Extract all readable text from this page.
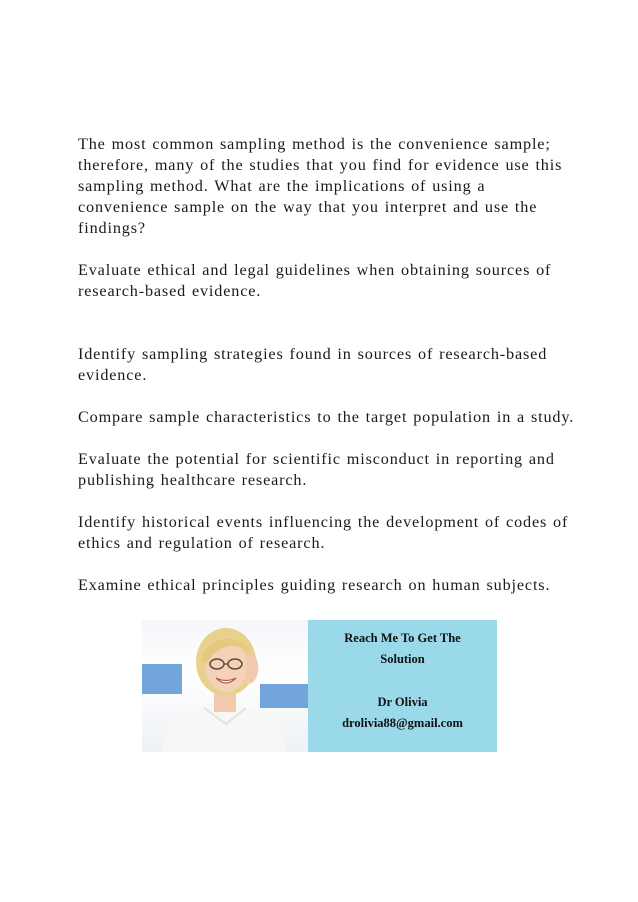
The most common sampling method is the convenience sample; therefore, many of the studies that you find for evidence use this sampling method. What are the implications of using a convenience sample on the way that you interpret and use the findings?

Evaluate ethical and legal guidelines when obtaining sources of research-based evidence.

Identify sampling strategies found in sources of research-based evidence.

Compare sample characteristics to the target population in a study.

Evaluate the potential for scientific misconduct in reporting and publishing healthcare research.

Identify historical events influencing the development of codes of ethics and regulation of research.

Examine ethical principles guiding research on human subjects.

Reach Me To Get The
Solution
Dr Olivia
drolivia88@gmail.com
